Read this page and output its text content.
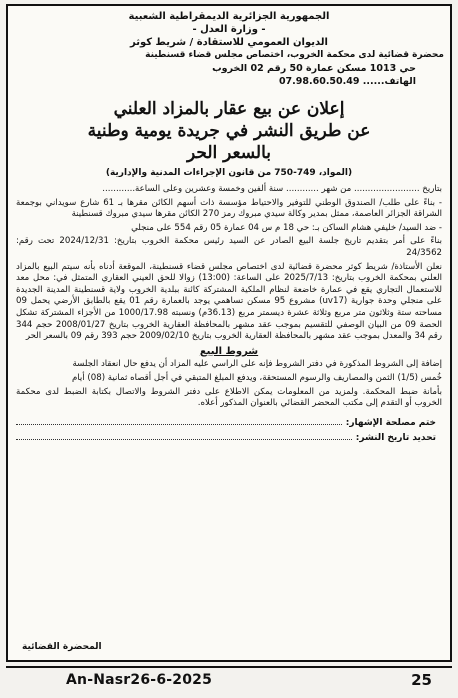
الجمهورية الجزائرية الديمقراطية الشعبية
- وزارة العدل -
الديوان العمومي للاستقادة / شريط كوثر
محضرة قضائية لدى محكمة الخروب، اختصاص مجلس قضاء قسنطينة
حي 1013 مسكن عمارة 50 رقم 02 الخروب
الهاتف...... 07.98.60.50.49
إعلان عن بيع عقار بالمزاد العلني
عن طريق النشر في جريدة يومية وطنية
بالسعر الحر
(المواد، 749-750 من قانون الإجراءات المدنية والإدارية)

بتاريخ ........................ من شهر ............ سنة ألفين وخمسة وعشرين وعلى الساعة............

- بناءً على طلب/ الصندوق الوطني للتوفير والاحتياط مؤسسة ذات أسهم الكائن مقرها بـ 61 شارع سويداني بوجمعة الشراقة الجزائر العاصمة، ممثل بمدير وكالة سيدي مبروك رمز 270 الكائن مقرها سيدي مبروك قسنطينة

- ضد السيد/ خليفي هشام الساكن بـ: حي 18 م س 04 عمارة 05 رقم 554 على منجلي

بناءً على أمر بتقديم تاريخ جلسة البيع الصادر عن السيد رئيس محكمة الخروب بتاريخ: 2024/12/31 تحت رقم: 24/3562

نعلن الأستاذة/ شريط كوثر محضرة قضائية لدى اختصاص مجلس قضاء قسنطينة، الموقعة أدناه بأنه سيتم البيع بالمزاد العلني بمحكمة الخروب بتاريخ: 2025/7/13 على الساعة: (13:00) زوالا للحق العيني العقاري المتمثل في: محل معد للاستعمال التجاري يقع في عمارة خاضعة لنظام الملكية المشتركة كائنة ببلدية الخروب ولاية قسنطينة المدينة الجديدة على منجلي وحدة جوارية (uv17) مشروع 95 مسكن تساهمي يوجد بالعمارة رقم 01 يقع بالطابق الأرضي يحمل 09 مساحته ستة وثلاثون متر مربع وثلاثة عشرة ديسمتر مربع (36.13م) ونسبته 1000/17.98 من الأجزاء المشتركة تشكل الحصة 09 من البيان الوصفي للتقسيم بموجب عقد مشهر بالمحافظة العقارية الخروب بتاريخ 2008/01/27 حجم 344 رقم 34 والمعدل بموجب عقد مشهر بالمحافظة العقارية الخروب بتاريخ 2009/02/10 حجم 393 رقم 09 بالسعر الحر

شروط البيع

إضافة إلى الشروط المذكورة في دفتر الشروط فإنه على الراسي عليه المزاد أن يدفع حال انعقاد الجلسة

خُمس (1/5) الثمن والمصاريف والرسوم المستحقة، ويدفع المبلغ المتبقي في أجل أقصاه ثمانية (08) أيام

بأمانة ضبط المحكمة. ولمزيد من المعلومات يمكن الاطلاع على دفتر الشروط والاتصال بكتابة الضبط لدى محكمة الخروب أو التقدم إلى مكتب المحضر القضائي بالعنوان المذكور أعلاه.

ختم مصلحة الإشهار:
تحديد تاريخ النشر:
المحضرة القضائية
An-Nasr26-6-2025	25
